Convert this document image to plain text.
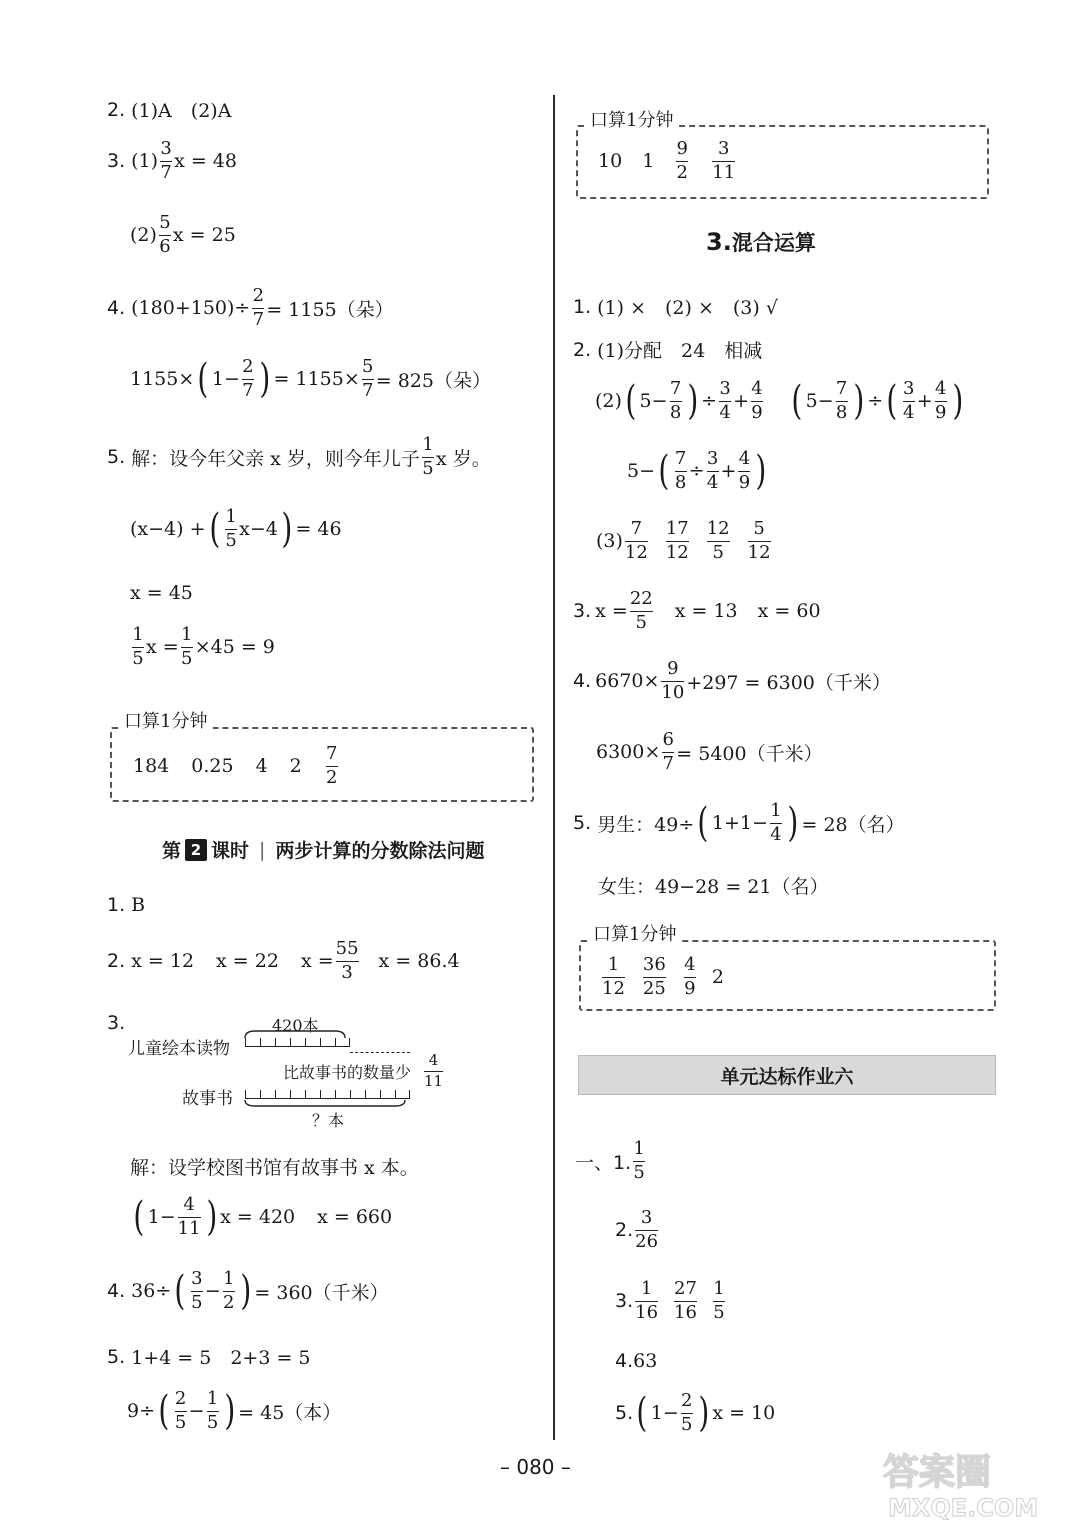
2. (1)A　(2)A
3. $(1) \frac{3}{7}$ x = 48
$(2) \frac{5}{6}$ x = 25
4. $(180+150)\div \frac{2}{7} = 1155$（朵）
1155× ( $1- \frac{2}{7}$ ) = $1155\times \frac{5}{7} = 825$（朵）
5. 解：设今年父亲 x 岁，则今年儿子 $\frac{1}{5}$ x 岁。
(x−4) + ( $\frac{1}{5} x-4$ ) = 46
x = 45
$\frac{1}{5}$ $x = \frac{1}{5} \times 45 = 9$
口算1分钟
184 0.25 4 $2 \frac{7}{2}$
第 2 课时 | 两步计算的分数除法问题
1. B
2. x = 12 x = 22 $x = \frac{55}{3}$ x = 86.4
3.	420本
儿童绘本读物
比故事书的数量少
4
11
故事书
？本
解：设学校图书馆有故事书 x 本。
( $1- \frac{4}{11}$ ) x = 420 x = 660
4. 36÷ ( $\frac{3}{5} - \frac{1}{2}$ ) = 360（千米）
5. 1+4 = 5　2+3 = 5
9÷ ( $\frac{2}{5} - \frac{1}{5}$ ) = 45（本）
口算1分钟
10 $1 \frac{9}{2} \frac{3}{11}$
3. 混合运算
1. (1) ×　(2) ×　(3) √
2. (1)分配　24　相减
(2) ( $5- \frac{7}{8}$ ) ÷ $\frac{3}{4} + \frac{4}{9}$ ( $5- \frac{7}{8}$ ) ÷ ( $\frac{3}{4} + \frac{4}{9}$ )
5− ( $\frac{7}{8} \div \frac{3}{4} + \frac{4}{9}$ )
$(3) \frac{7}{12} \frac{17}{12} \frac{12}{5} \frac{5}{12}$
3. $x = \frac{22}{5}$ x = 13 x = 60
4. $6670\times \frac{9}{10} +297 = 6300$（千米）
$6300\times \frac{6}{7} = 5400$（千米）
5. 男生：49÷ ( $1+1- \frac{1}{4}$ ) = 28（名）
女生：49−28 = 21（名）
口算1分钟
$\frac{1}{12} \frac{36}{25} \frac{4}{9} 2$
单元达标作业六
一、1. $\frac{1}{5}$
2. $\frac{3}{26}$
3. $\frac{1}{16} \frac{27}{16} \frac{1}{5}$
4. 63
5. ( $1- \frac{2}{5}$ ) x = 10
– 080 –	答案圈
MXQE.COM
